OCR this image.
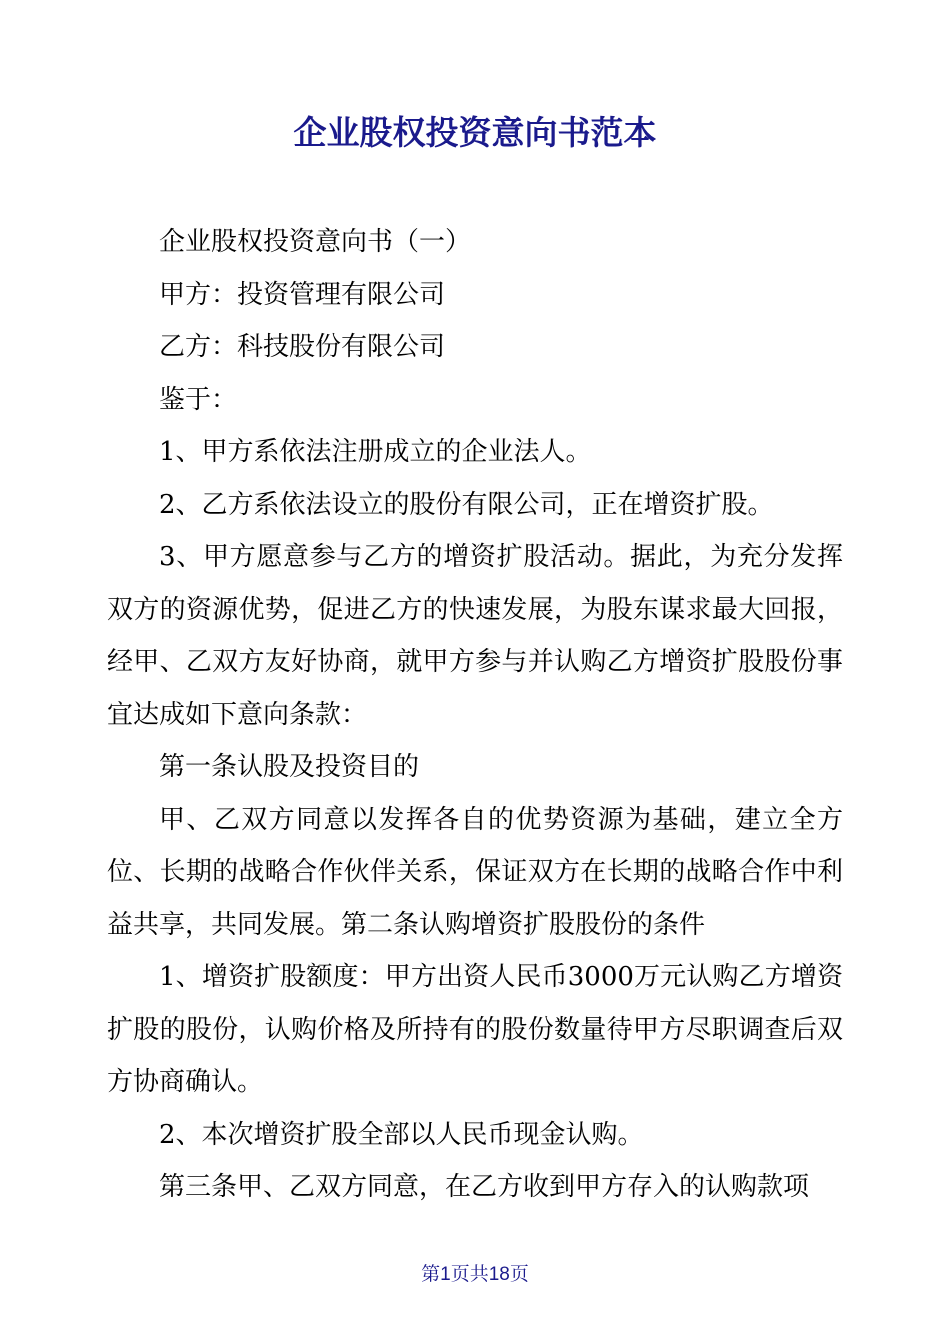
企业股权投资意向书范本

企业股权投资意向书（一）

甲方：投资管理有限公司

乙方：科技股份有限公司

鉴于：

1、甲方系依法注册成立的企业法人。

2、乙方系依法设立的股份有限公司，正在增资扩股。

3、甲方愿意参与乙方的增资扩股活动。据此，为充分发挥双方的资源优势，促进乙方的快速发展，为股东谋求最大回报，经甲、乙双方友好协商，就甲方参与并认购乙方增资扩股股份事宜达成如下意向条款：

第一条认股及投资目的

甲、乙双方同意以发挥各自的优势资源为基础，建立全方位、长期的战略合作伙伴关系，保证双方在长期的战略合作中利益共享，共同发展。第二条认购增资扩股股份的条件

1、增资扩股额度：甲方出资人民币3000万元认购乙方增资扩股的股份，认购价格及所持有的股份数量待甲方尽职调查后双方协商确认。

2、本次增资扩股全部以人民币现金认购。

第三条甲、乙双方同意，在乙方收到甲方存入的认购款项

第1页共18页
